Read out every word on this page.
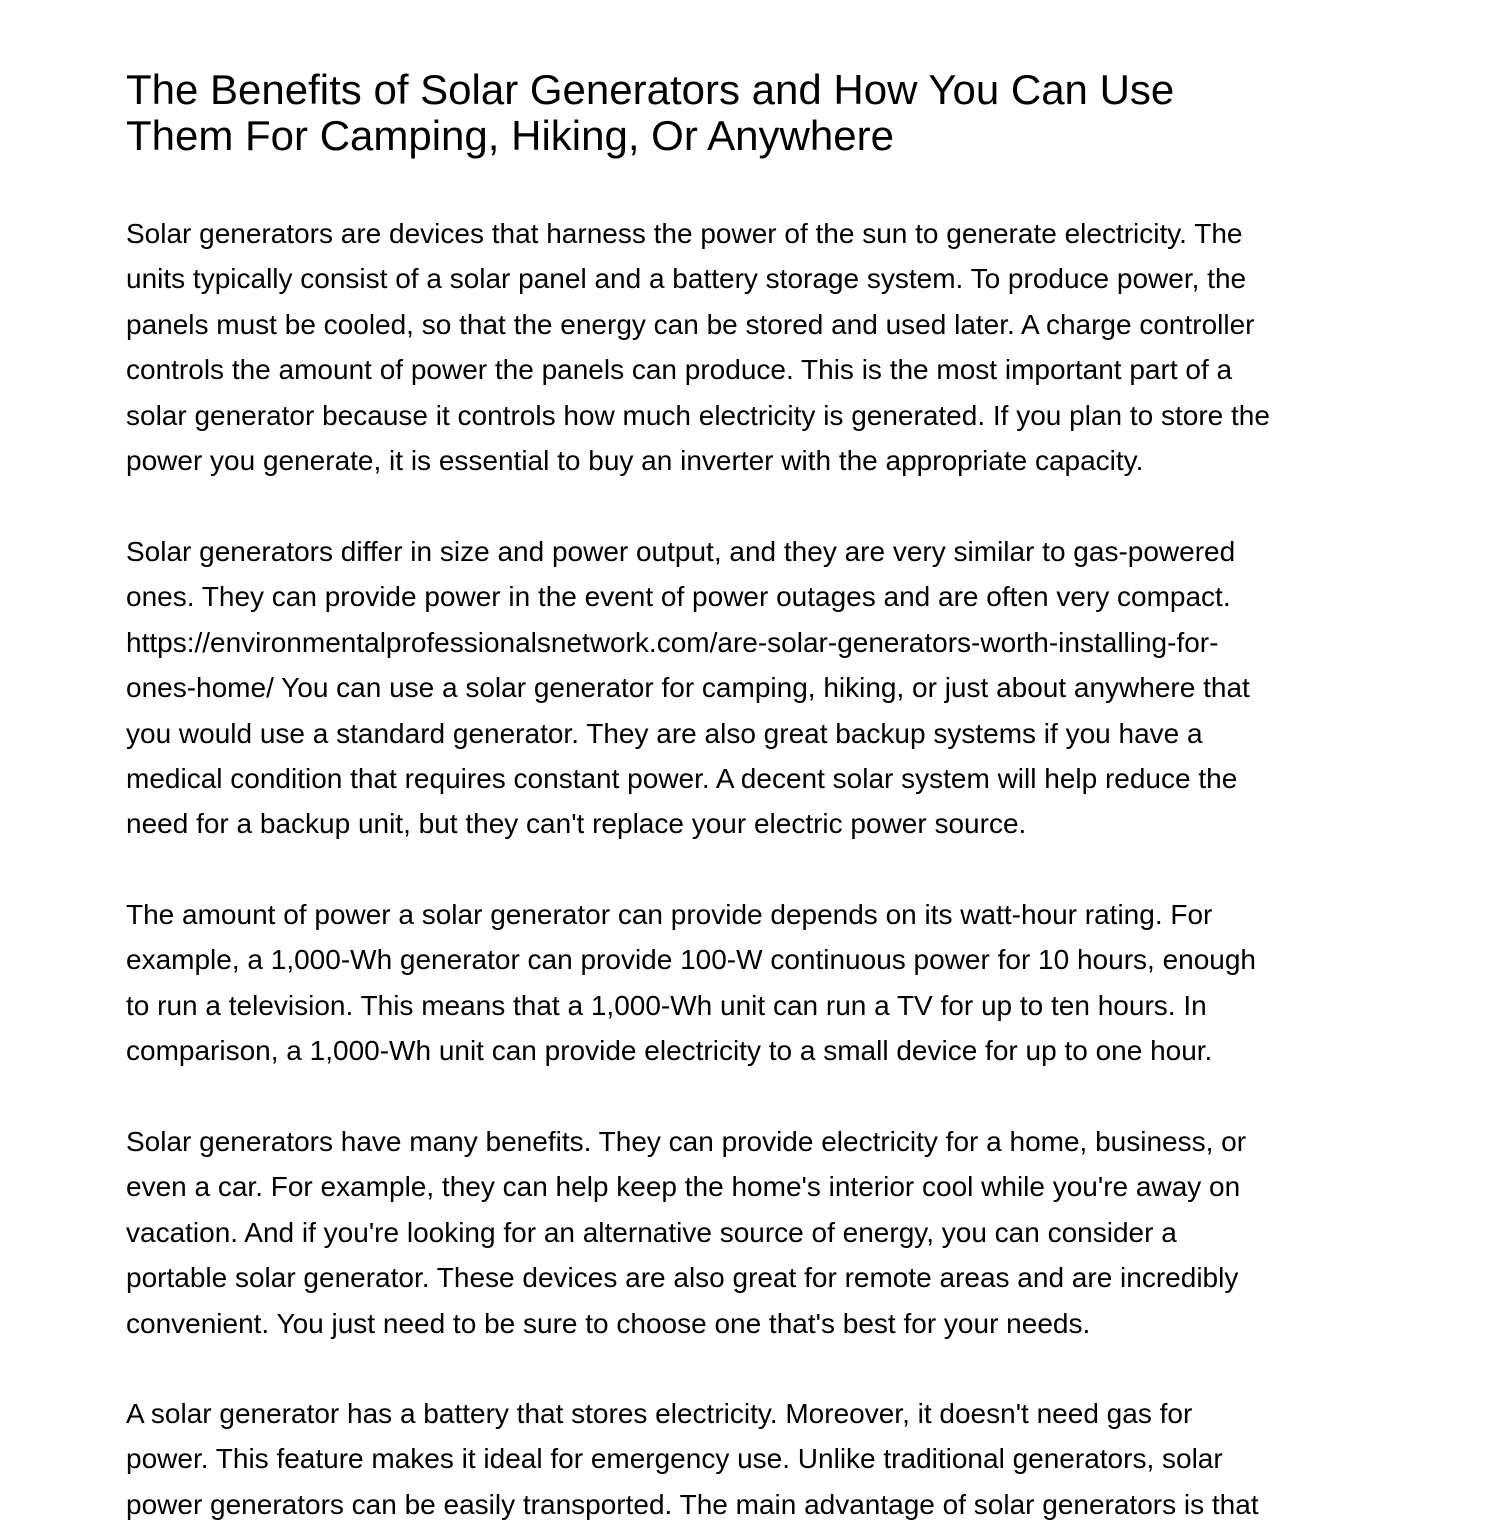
The Benefits of Solar Generators and How You Can Use
Them For Camping, Hiking, Or Anywhere

Solar generators are devices that harness the power of the sun to generate electricity. The
units typically consist of a solar panel and a battery storage system. To produce power, the
panels must be cooled, so that the energy can be stored and used later. A charge controller
controls the amount of power the panels can produce. This is the most important part of a
solar generator because it controls how much electricity is generated. If you plan to store the
power you generate, it is essential to buy an inverter with the appropriate capacity.

Solar generators differ in size and power output, and they are very similar to gas-powered
ones. They can provide power in the event of power outages and are often very compact.
https://environmentalprofessionalsnetwork.com/are-solar-generators-worth-installing-for-
ones-home/ You can use a solar generator for camping, hiking, or just about anywhere that
you would use a standard generator. They are also great backup systems if you have a
medical condition that requires constant power. A decent solar system will help reduce the
need for a backup unit, but they can't replace your electric power source.

The amount of power a solar generator can provide depends on its watt-hour rating. For
example, a 1,000-Wh generator can provide 100-W continuous power for 10 hours, enough
to run a television. This means that a 1,000-Wh unit can run a TV for up to ten hours. In
comparison, a 1,000-Wh unit can provide electricity to a small device for up to one hour.

Solar generators have many benefits. They can provide electricity for a home, business, or
even a car. For example, they can help keep the home's interior cool while you're away on
vacation. And if you're looking for an alternative source of energy, you can consider a
portable solar generator. These devices are also great for remote areas and are incredibly
convenient. You just need to be sure to choose one that's best for your needs.

A solar generator has a battery that stores electricity. Moreover, it doesn't need gas for
power. This feature makes it ideal for emergency use. Unlike traditional generators, solar
power generators can be easily transported. The main advantage of solar generators is that
